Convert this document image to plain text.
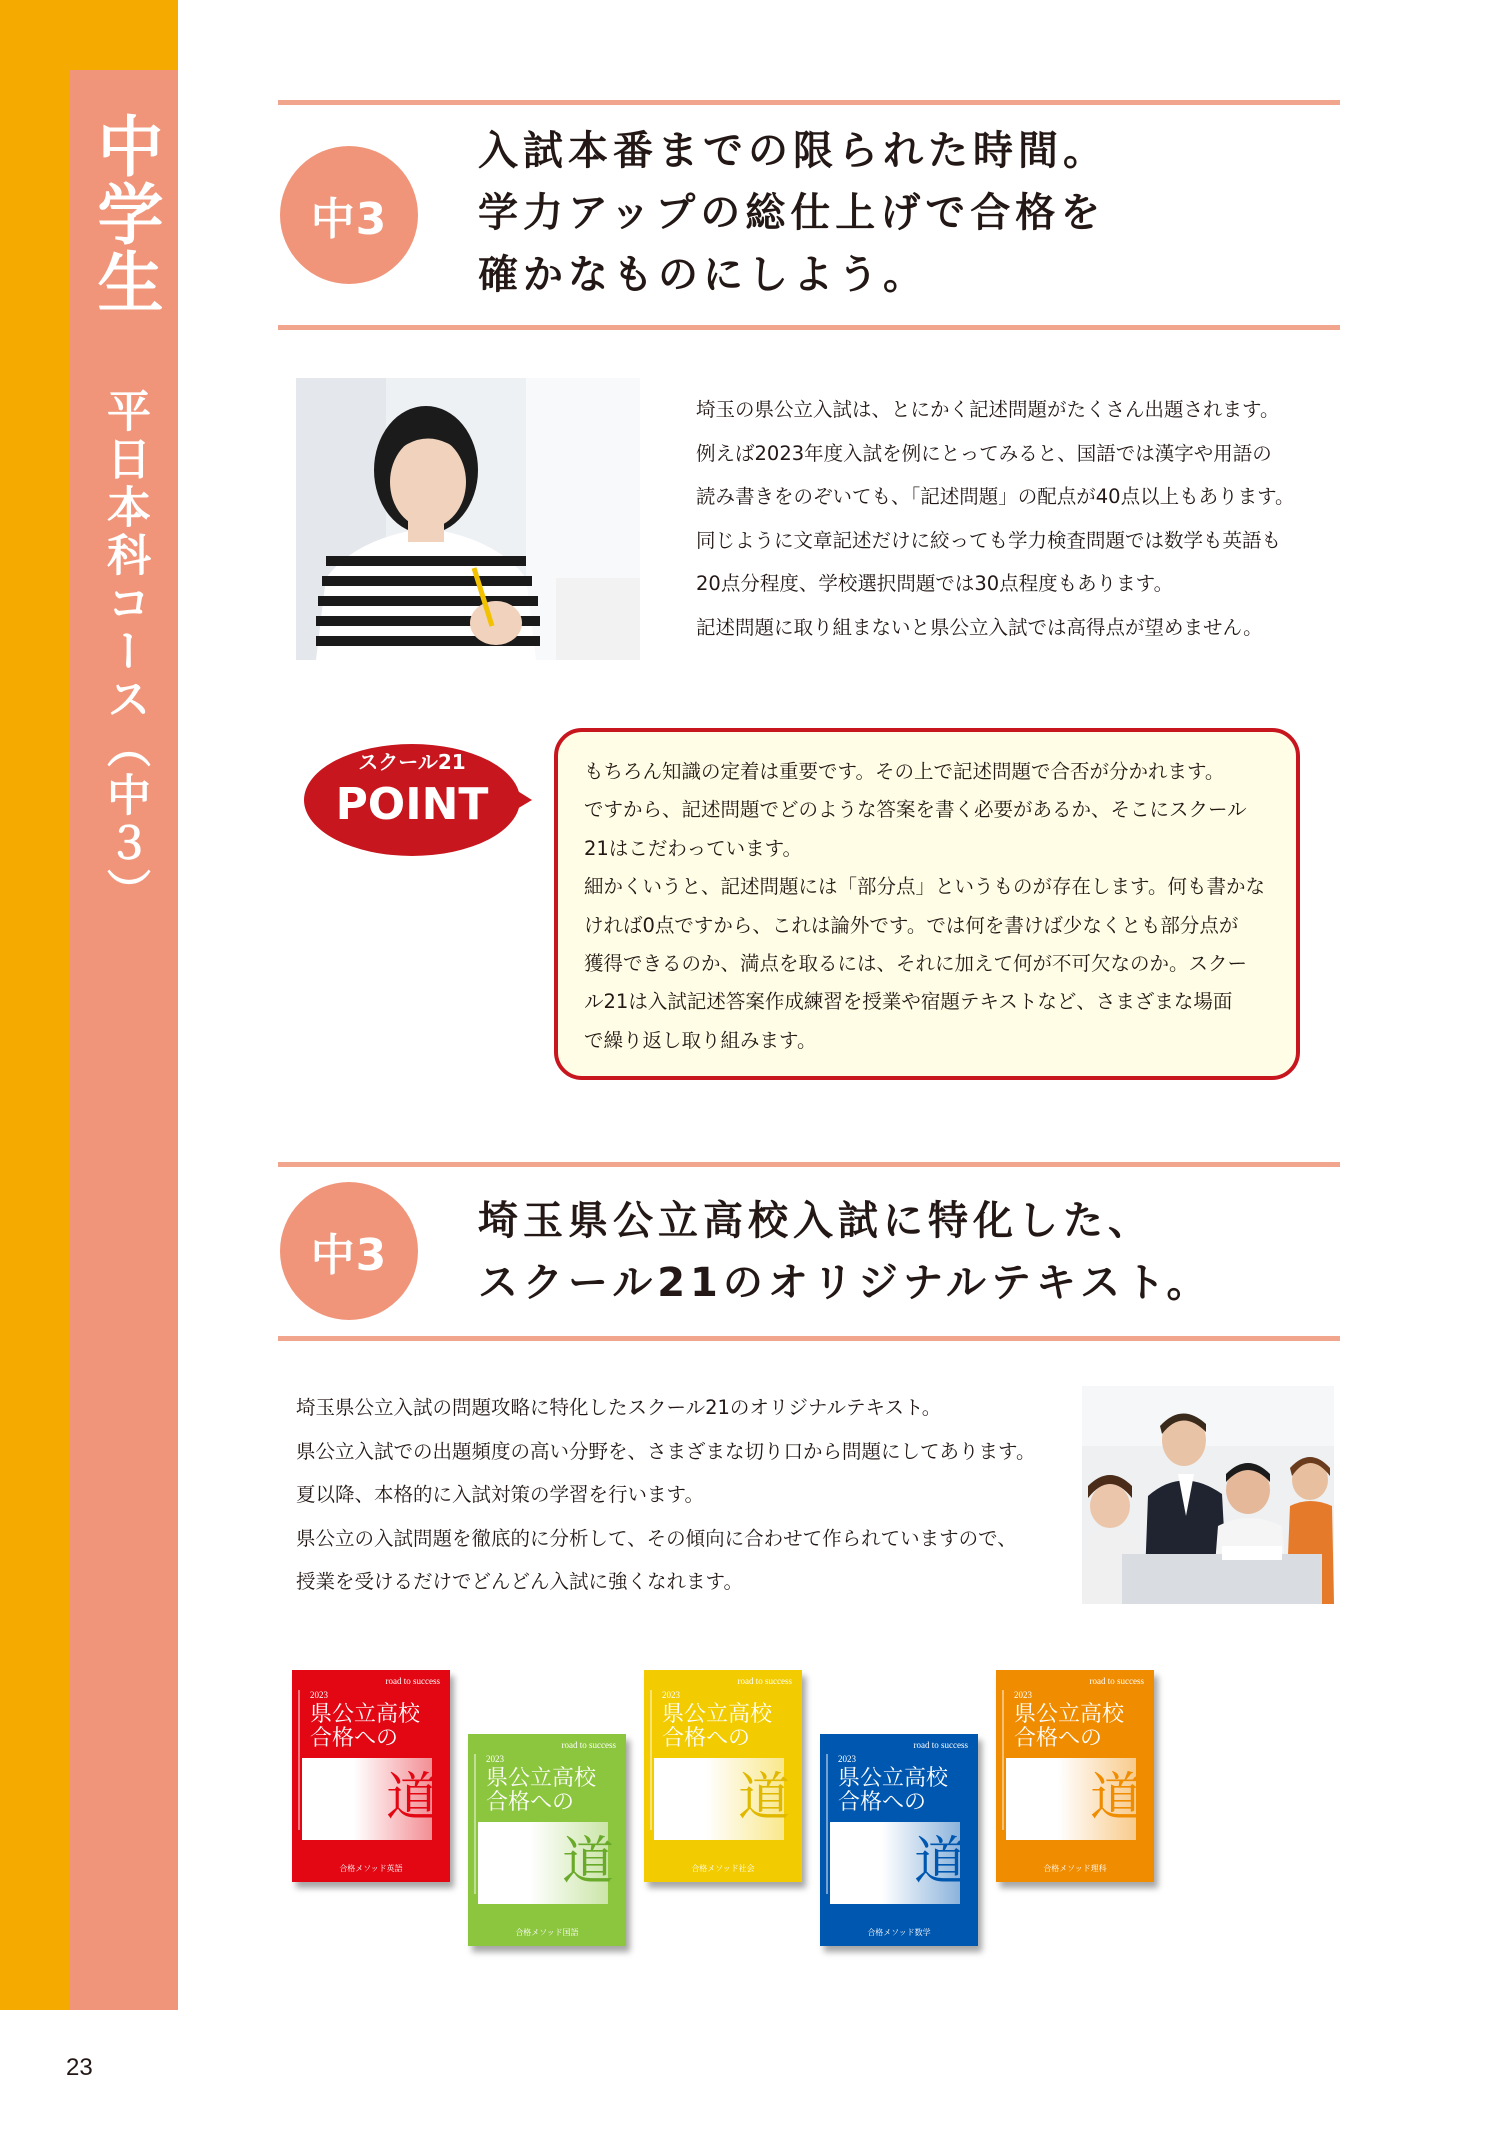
中学生
平日本科コース（中３）
23
中3
入試本番までの限られた時間。
学力アップの総仕上げで合格を
確かなものにしよう。
埼玉の県公立入試は、とにかく記述問題がたくさん出題されます。
例えば2023年度入試を例にとってみると、国語では漢字や用語の
読み書きをのぞいても、「記述問題」の配点が40点以上もあります。
同じように文章記述だけに絞っても学力検査問題では数学も英語も
20点分程度、学校選択問題では30点程度もあります。
記述問題に取り組まないと県公立入試では高得点が望めません。
スクール21
POINT
もちろん知識の定着は重要です。その上で記述問題で合否が分かれます。
ですから、記述問題でどのような答案を書く必要があるか、そこにスクール
21はこだわっています。
細かくいうと、記述問題には「部分点」というものが存在します。何も書かな
ければ0点ですから、これは論外です。では何を書けば少なくとも部分点が
獲得できるのか、満点を取るには、それに加えて何が不可欠なのか。スクー
ル21は入試記述答案作成練習を授業や宿題テキストなど、さまざまな場面
で繰り返し取り組みます。
中3
埼玉県公立高校入試に特化した、
スクール21のオリジナルテキスト。
埼玉県公立入試の問題攻略に特化したスクール21のオリジナルテキスト。
県公立入試での出題頻度の高い分野を、さまざまな切り口から問題にしてあります。
夏以降、本格的に入試対策の学習を行います。
県公立の入試問題を徹底的に分析して、その傾向に合わせて作られていますので、
授業を受けるだけでどんどん入試に強くなれます。
road to success
2023
県公立高校
合格への
道
合格メソッド英語
road to success
2023
県公立高校
合格への
道
合格メソッド国語
road to success
2023
県公立高校
合格への
道
合格メソッド社会
road to success
2023
県公立高校
合格への
道
合格メソッド数学
road to success
2023
県公立高校
合格への
道
合格メソッド理科
